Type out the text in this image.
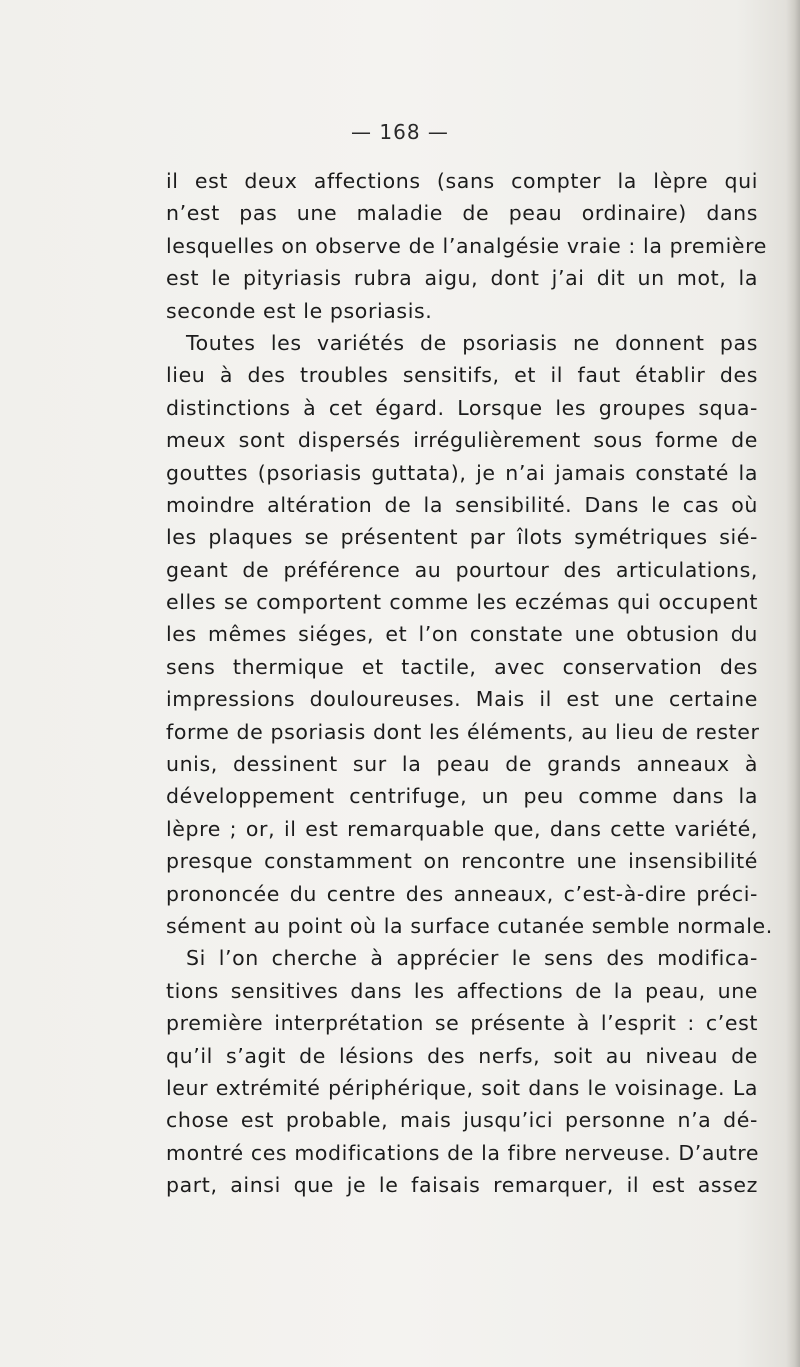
— 168 —
il est deux affections (sans compter la lèpre qui
n’est pas une maladie de peau ordinaire) dans
lesquelles on observe de l’analgésie vraie : la première
est le pityriasis rubra aigu, dont j’ai dit un mot, la
seconde est le psoriasis.
Toutes les variétés de psoriasis ne donnent pas
lieu à des troubles sensitifs, et il faut établir des
distinctions à cet égard. Lorsque les groupes squa-
meux sont dispersés irrégulièrement sous forme de
gouttes (psoriasis guttata), je n’ai jamais constaté la
moindre altération de la sensibilité. Dans le cas où
les plaques se présentent par îlots symétriques sié-
geant de préférence au pourtour des articulations,
elles se comportent comme les eczémas qui occupent
les mêmes siéges, et l’on constate une obtusion du
sens thermique et tactile, avec conservation des
impressions douloureuses. Mais il est une certaine
forme de psoriasis dont les éléments, au lieu de rester
unis, dessinent sur la peau de grands anneaux à
développement centrifuge, un peu comme dans la
lèpre ; or, il est remarquable que, dans cette variété,
presque constamment on rencontre une insensibilité
prononcée du centre des anneaux, c’est-à-dire préci-
sément au point où la surface cutanée semble normale.
Si l’on cherche à apprécier le sens des modifica-
tions sensitives dans les affections de la peau, une
première interprétation se présente à l’esprit : c’est
qu’il s’agit de lésions des nerfs, soit au niveau de
leur extrémité périphérique, soit dans le voisinage. La
chose est probable, mais jusqu’ici personne n’a dé-
montré ces modifications de la fibre nerveuse. D’autre
part, ainsi que je le faisais remarquer, il est assez
